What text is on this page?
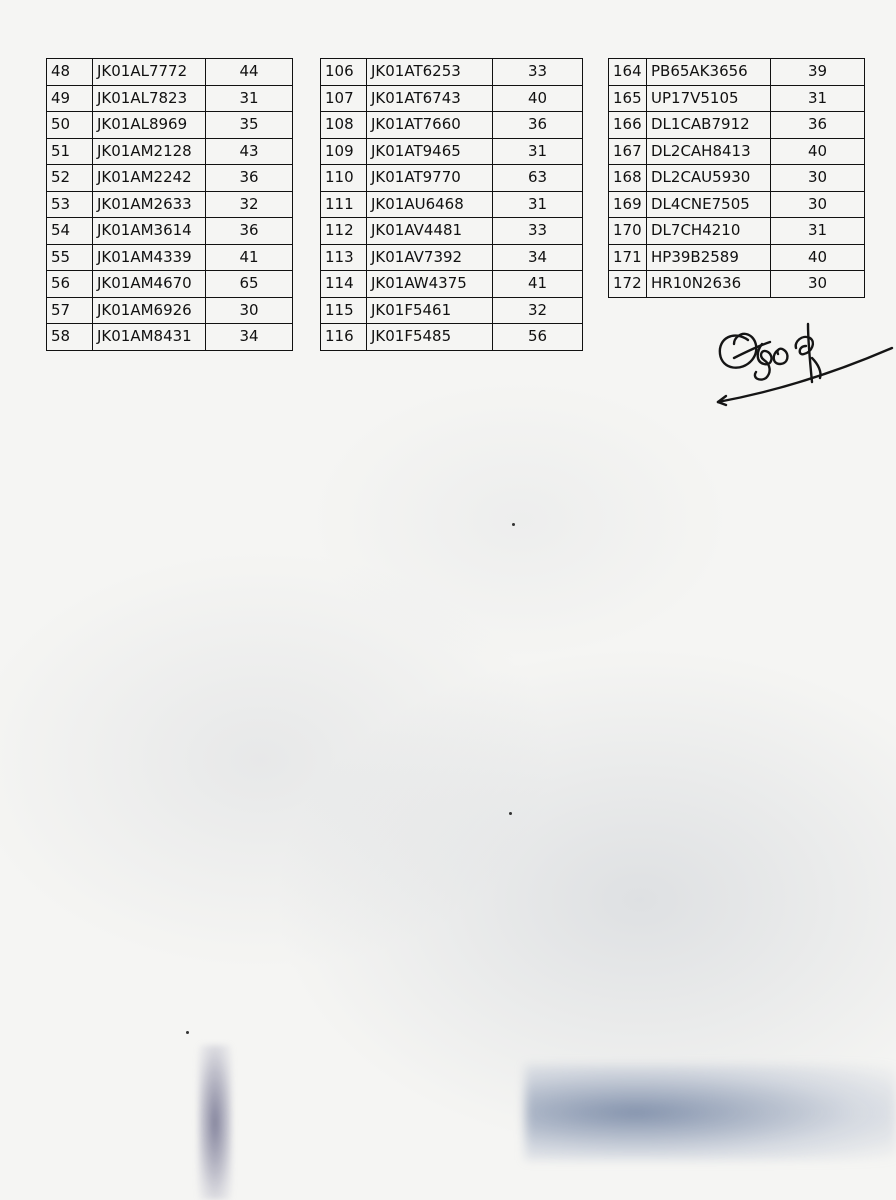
48	JK01AL7772	44
49	JK01AL7823	31
50	JK01AL8969	35
51	JK01AM2128	43
52	JK01AM2242	36
53	JK01AM2633	32
54	JK01AM3614	36
55	JK01AM4339	41
56	JK01AM4670	65
57	JK01AM6926	30
58	JK01AM8431	34
106	JK01AT6253	33
107	JK01AT6743	40
108	JK01AT7660	36
109	JK01AT9465	31
110	JK01AT9770	63
111	JK01AU6468	31
112	JK01AV4481	33
113	JK01AV7392	34
114	JK01AW4375	41
115	JK01F5461	32
116	JK01F5485	56
164	PB65AK3656	39
165	UP17V5105	31
166	DL1CAB7912	36
167	DL2CAH8413	40
168	DL2CAU5930	30
169	DL4CNE7505	30
170	DL7CH4210	31
171	HP39B2589	40
172	HR10N2636	30
